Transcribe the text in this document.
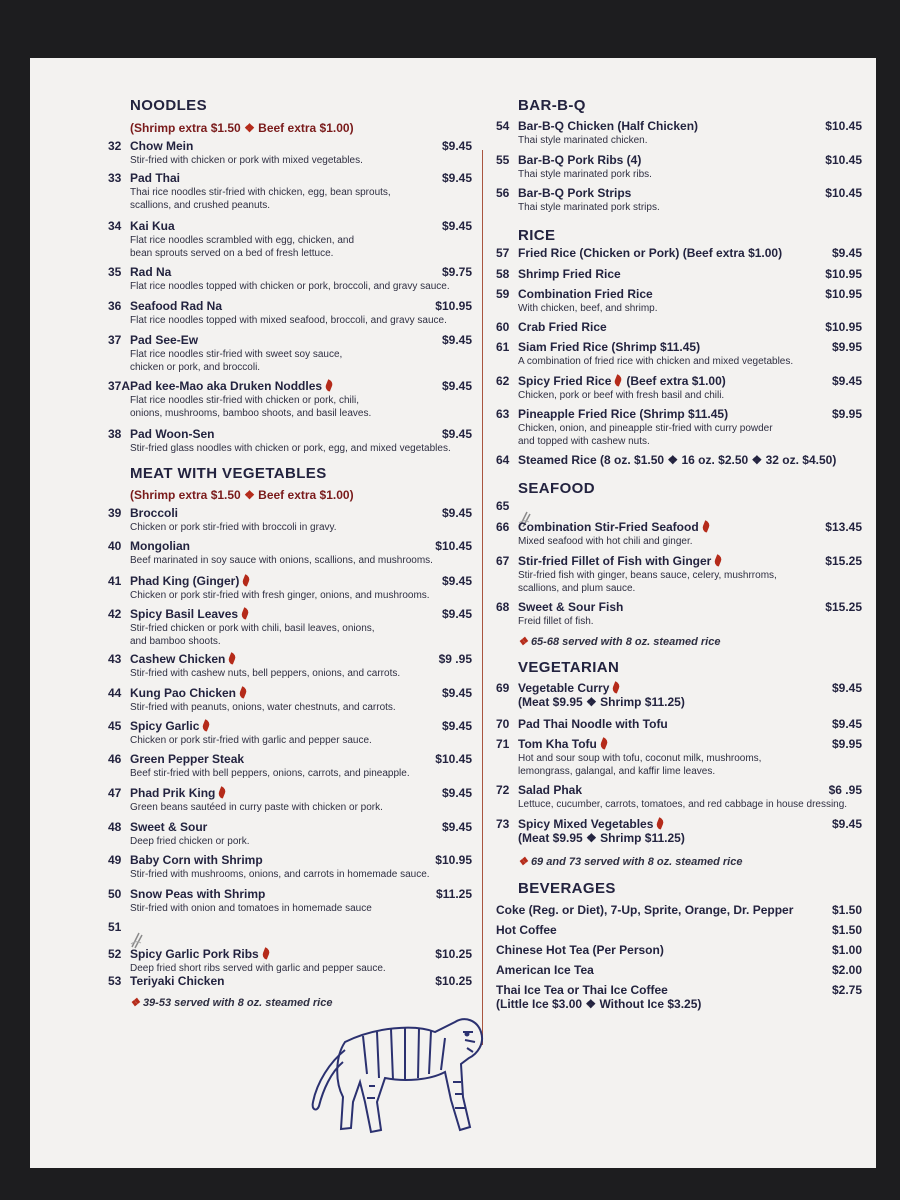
NOODLES
(Shrimp extra $1.50 ❖ Beef extra $1.00)
32 Chow Mein	$9.45
Stir-fried with chicken or pork with mixed vegetables.
33 Pad Thai	$9.45
Thai rice noodles stir-fried with chicken, egg, bean sprouts,
scallions, and crushed peanuts.
34 Kai Kua	$9.45
Flat rice noodles scrambled with egg, chicken, and
bean sprouts served on a bed of fresh lettuce.
35 Rad Na	$9.75
Flat rice noodles topped with chicken or pork, broccoli, and gravy sauce.
36 Seafood Rad Na	$10.95
Flat rice noodles topped with mixed seafood, broccoli, and gravy sauce.
37 Pad See-Ew	$9.45
Flat rice noodles stir-fried with sweet soy sauce,
chicken or pork, and broccoli.
37A Pad kee-Mao aka Druken Noddles	$9.45
Flat rice noodles stir-fried with chicken or pork, chili,
onions, mushrooms, bamboo shoots, and basil leaves.
38 Pad Woon-Sen	$9.45
Stir-fried glass noodles with chicken or pork, egg, and mixed vegetables.
MEAT WITH VEGETABLES
(Shrimp extra $1.50 ❖ Beef extra $1.00)
39 Broccoli	$9.45
Chicken or pork stir-fried with broccoli in gravy.
40 Mongolian	$10.45
Beef marinated in soy sauce with onions, scallions, and mushrooms.
41 Phad King (Ginger)	$9.45
Chicken or pork stir-fried with fresh ginger, onions, and mushrooms.
42 Spicy Basil Leaves	$9.45
Stir-fried chicken or pork with chili, basil leaves, onions,
and bamboo shoots.
43 Cashew Chicken	$9 .95
Stir-fried with cashew nuts, bell peppers, onions, and carrots.
44 Kung Pao Chicken	$9.45
Stir-fried with peanuts, onions, water chestnuts, and carrots.
45 Spicy Garlic	$9.45
Chicken or pork stir-fried with garlic and pepper sauce.
46 Green Pepper Steak	$10.45
Beef stir-fried with bell peppers, onions, carrots, and pineapple.
47 Phad Prik King	$9.45
Green beans sautéed in curry paste with chicken or pork.
48 Sweet & Sour	$9.45
Deep fried chicken or pork.
49 Baby Corn with Shrimp	$10.95
Stir-fried with mushrooms, onions, and carrots in homemade sauce.
50 Snow Peas with Shrimp	$11.25
Stir-fried with onion and tomatoes in homemade sauce
51
52 Spicy Garlic Pork Ribs	$10.25
Deep fried short ribs served with garlic and pepper sauce.
53 Teriyaki Chicken	$10.25
❖ 39-53 served with 8 oz. steamed rice
BAR-B-Q
54 Bar-B-Q Chicken (Half Chicken)	$10.45
Thai style marinated chicken.
55 Bar-B-Q Pork Ribs (4)	$10.45
Thai style marinated pork ribs.
56 Bar-B-Q Pork Strips	$10.45
Thai style marinated pork strips.
RICE
57 Fried Rice (Chicken or Pork) (Beef extra $1.00)	$9.45
58 Shrimp Fried Rice	$10.95
59 Combination Fried Rice	$10.95
With chicken, beef, and shrimp.
60 Crab Fried Rice	$10.95
61 Siam Fried Rice (Shrimp $11.45)	$9.95
A combination of fried rice with chicken and mixed vegetables.
62 Spicy Fried Rice (Beef extra $1.00)	$9.45
Chicken, pork or beef with fresh basil and chili.
63 Pineapple Fried Rice (Shrimp $11.45)	$9.95
Chicken, onion, and pineapple stir-fried with curry powder
and topped with cashew nuts.
64 Steamed Rice (8 oz. $1.50 ❖ 16 oz. $2.50 ❖ 32 oz. $4.50)
SEAFOOD
65
66 Combination Stir-Fried Seafood	$13.45
Mixed seafood with hot chili and ginger.
67 Stir-fried Fillet of Fish with Ginger	$15.25
Stir-fried fish with ginger, beans sauce, celery, mushrroms,
scallions, and plum sauce.
68 Sweet & Sour Fish	$15.25
Freid fillet of fish.
❖ 65-68 served with 8 oz. steamed rice
VEGETARIAN
69 Vegetable Curry	$9.45
(Meat $9.95 ❖ Shrimp $11.25)
70 Pad Thai Noodle with Tofu	$9.45
71 Tom Kha Tofu	$9.95
Hot and sour soup with tofu, coconut milk, mushrooms,
lemongrass, galangal, and kaffir lime leaves.
72 Salad Phak	$6 .95
Lettuce, cucumber, carrots, tomatoes, and red cabbage in house dressing.
73 Spicy Mixed Vegetables	$9.45
(Meat $9.95 ❖ Shrimp $11.25)
❖ 69 and 73 served with 8 oz. steamed rice
BEVERAGES
Coke (Reg. or Diet), 7-Up, Sprite, Orange, Dr. Pepper	$1.50
Hot Coffee	$1.50
Chinese Hot Tea (Per Person)	$1.00
American Ice Tea	$2.00
Thai Ice Tea or Thai Ice Coffee	$2.75
(Little Ice $3.00 ❖ Without Ice $3.25)
